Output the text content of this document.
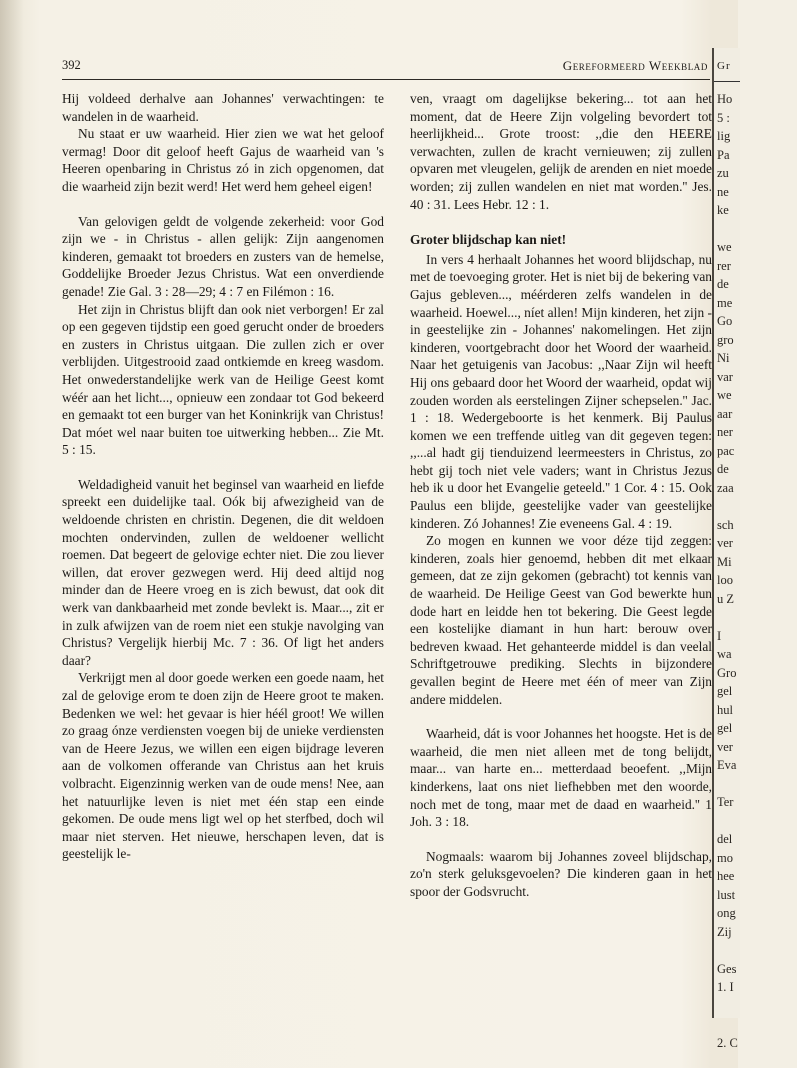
392	Gereformeerd Weekblad

Hij voldeed derhalve aan Johannes' verwachtingen: te wandelen in de waarheid.

Nu staat er uw waarheid. Hier zien we wat het geloof vermag! Door dit geloof heeft Gajus de waarheid van 's Heeren openbaring in Christus zó in zich opgenomen, dat die waarheid zijn bezit werd! Het werd hem geheel eigen!

Van gelovigen geldt de volgende zekerheid: voor God zijn we - in Christus - allen gelijk: Zijn aangenomen kinderen, gemaakt tot broeders en zusters van de hemelse, Goddelijke Broeder Jezus Christus. Wat een onverdiende genade! Zie Gal. 3 : 28—29; 4 : 7 en Filémon : 16.

Het zijn in Christus blijft dan ook niet verborgen! Er zal op een gegeven tijdstip een goed gerucht onder de broeders en zusters in Christus uitgaan. Die zullen zich er over verblijden. Uitgestrooid zaad ontkiemde en kreeg wasdom. Het onwederstandelijke werk van de Heilige Geest komt wéér aan het licht..., opnieuw een zondaar tot God bekeerd en gemaakt tot een burger van het Koninkrijk van Christus! Dat móet wel naar buiten toe uitwerking hebben... Zie Mt. 5 : 15.

Weldadigheid vanuit het beginsel van waarheid en liefde spreekt een duidelijke taal. Oók bij afwezigheid van de weldoende christen en christin. Degenen, die dit weldoen mochten ondervinden, zullen de weldoener wellicht roemen. Dat begeert de gelovige echter niet. Die zou liever willen, dat erover gezwegen werd. Hij deed altijd nog minder dan de Heere vroeg en is zich bewust, dat ook dit werk van dankbaarheid met zonde bevlekt is. Maar..., zit er in zulk afwijzen van de roem niet een stukje navolging van Christus? Vergelijk hierbij Mc. 7 : 36. Of ligt het anders daar?

Verkrijgt men al door goede werken een goede naam, het zal de gelovige erom te doen zijn de Heere groot te maken. Bedenken we wel: het gevaar is hier héél groot! We willen zo graag ónze verdiensten voegen bij de unieke verdiensten van de Heere Jezus, we willen een eigen bijdrage leveren aan de volkomen offerande van Christus aan het kruis volbracht. Eigenzinnig werken van de oude mens! Nee, aan het natuurlijke leven is niet met één stap een einde gekomen. De oude mens ligt wel op het sterfbed, doch wil maar niet sterven. Het nieuwe, herschapen leven, dat is geestelijk le-

ven, vraagt om dagelijkse bekering... tot aan het moment, dat de Heere Zijn volgeling bevordert tot heerlijkheid... Grote troost: ,,die den HEERE verwachten, zullen de kracht vernieuwen; zij zullen opvaren met vleugelen, gelijk de arenden en niet moede worden; zij zullen wandelen en niet mat worden.'' Jes. 40 : 31. Lees Hebr. 12 : 1.

Groter blijdschap kan niet!

In vers 4 herhaalt Johannes het woord blijdschap, nu met de toevoeging groter. Het is niet bij de bekering van Gajus gebleven..., méérderen zelfs wandelen in de waarheid. Hoewel..., níet allen! Mijn kinderen, het zijn - in geestelijke zin - Johannes' nakomelingen. Het zijn kinderen, voortgebracht door het Woord der waarheid. Naar het getuigenis van Jacobus: ,,Naar Zijn wil heeft Hij ons gebaard door het Woord der waarheid, opdat wij zouden worden als eerstelingen Zijner schepselen.'' Jac. 1 : 18. Wedergeboorte is het kenmerk. Bij Paulus komen we een treffende uitleg van dit gegeven tegen: ,,...al hadt gij tienduizend leermeesters in Christus, zo hebt gij toch niet vele vaders; want in Christus Jezus heb ik u door het Evangelie geteeld.'' 1 Cor. 4 : 15. Ook Paulus een blijde, geestelijke vader van geestelijke kinderen. Zó Johannes! Zie eveneens Gal. 4 : 19.

Zo mogen en kunnen we voor déze tijd zeggen: kinderen, zoals hier genoemd, hebben dit met elkaar gemeen, dat ze zijn gekomen (gebracht) tot kennis van de waarheid. De Heilige Geest van God bewerkte hun dode hart en leidde hen tot bekering. Die Geest legde een kostelijke diamant in hun hart: berouw over bedreven kwaad. Het gehanteerde middel is dan veelal Schriftgetrouwe prediking. Slechts in bijzondere gevallen begint de Heere met één of meer van Zijn andere middelen.

Waarheid, dát is voor Johannes het hoogste. Het is de waarheid, die men niet alleen met de tong belijdt, maar... van harte en... metterdaad beoefent. ,,Mijn kinderkens, laat ons niet liefhebben met den woorde, noch met de tong, maar met de daad en waarheid.'' 1 Joh. 3 : 18.

Nogmaals: waarom bij Johannes zoveel blijdschap, zo'n sterk geluksgevoelen? Die kinderen gaan in het spoor der Godsvrucht.

Gr
Ho
5 :
lig
Pa
zu
ne
ke

we
rer
de
me
Go
gro
Ni
var
we
aar
ner
pac
de
zaa

sch
ver
Mi
loo
u Z

I
wa
Gro
gel
hul
gel
ver
Eva

Ter

del
mo
hee
lust
ong
Zij

Ges
1. I

2. C
